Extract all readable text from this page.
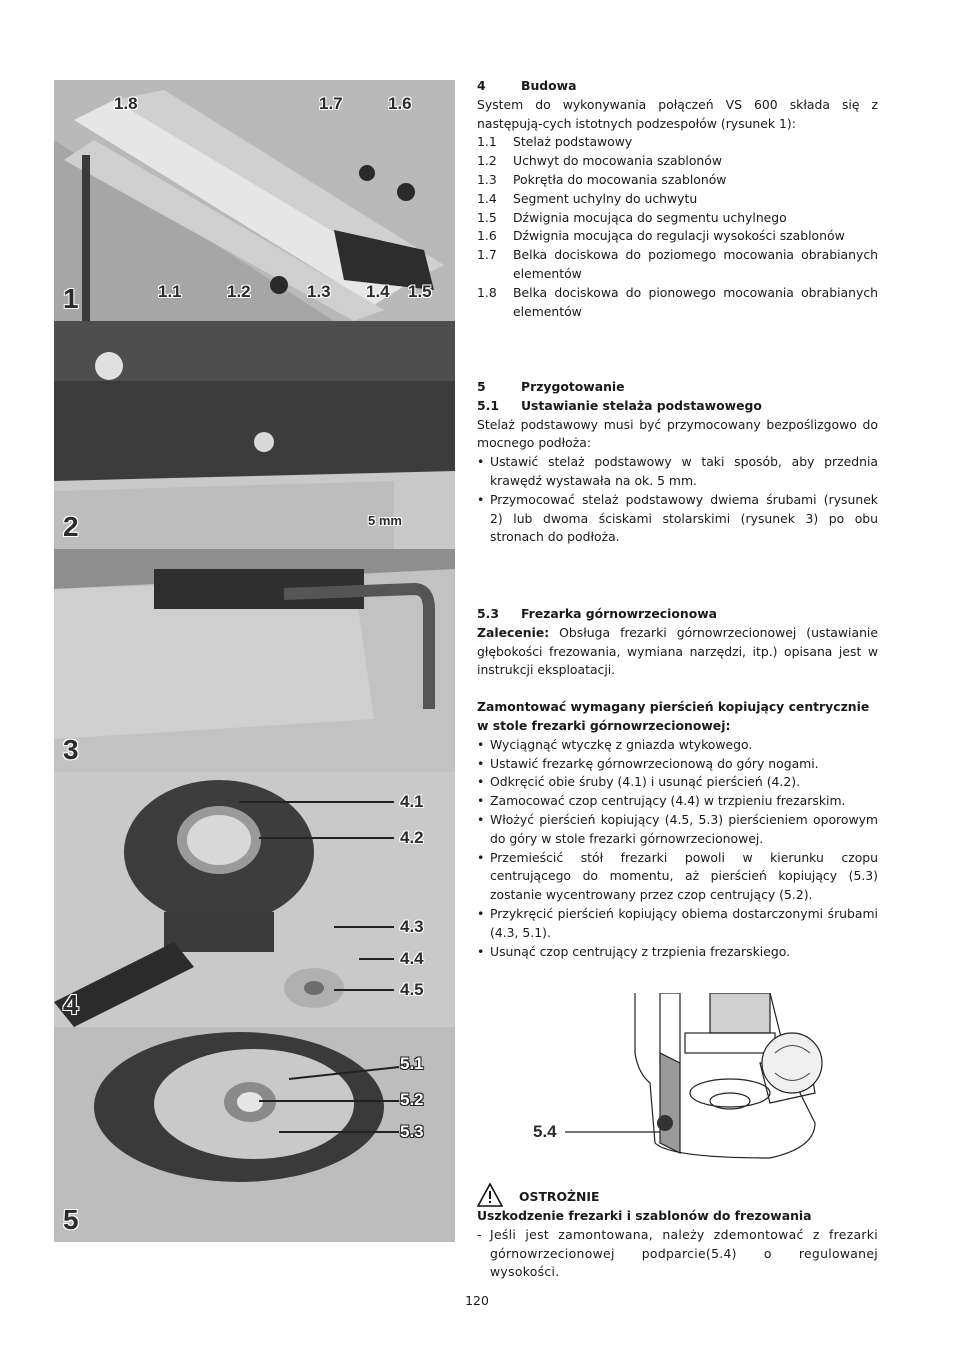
1
1.8	1.7	1.6
1.1	1.2	1.3 1.4 1.5
2	5 mm
3
4
4.1
4.2
4.3
4.4
4.5
5
5.1
5.2
5.3
4	Budowa

System do wykonywania połączeń VS 600 składa się z następują-cych istotnych podzespołów (rysunek 1):

1.1	Stelaż podstawowy
1.2	Uchwyt do mocowania szablonów
1.3	Pokrętła do mocowania szablonów
1.4	Segment uchylny do uchwytu
1.5	Dźwignia mocująca do segmentu uchylnego
1.6	Dźwignia mocująca do regulacji wysokości szablonów
1.7	Belka dociskowa do poziomego mocowania obrabianych elementów
1.8	Belka dociskowa do pionowego mocowania obrabianych elementów
5	Przygotowanie
5.1	Ustawianie stelaża podstawowego

Stelaż podstawowy musi być przymocowany bezpoślizgowo do mocnego podłoża:

• Ustawić stelaż podstawowy w taki sposób, aby przednia krawędź wystawała na ok. 5 mm.
• Przymocować stelaż podstawowy dwiema śrubami (rysunek 2) lub dwoma ściskami stolarskimi (rysunek 3) po obu stronach do podłoża.
5.3	Frezarka górnowrzecionowa

Zalecenie: Obsługa frezarki górnowrzecionowej (ustawianie głębokości frezowania, wymiana narzędzi, itp.) opisana jest w instrukcji eksploatacji.

Zamontować wymagany pierścień kopiujący centrycznie w stole frezarki górnowrzecionowej:

• Wyciągnąć wtyczkę z gniazda wtykowego.
• Ustawić frezarkę górnowrzecionową do góry nogami.
• Odkręcić obie śruby (4.1) i usunąć pierścień (4.2).
• Zamocować czop centrujący (4.4) w trzpieniu frezarskim.
• Włożyć pierścień kopiujący (4.5, 5.3) pierścieniem oporowym do góry w stole frezarki górnowrzecionowej.
• Przemieścić stół frezarki powoli w kierunku czopu centrującego do momentu, aż pierścień kopiujący (5.3) zostanie wycentrowany przez czop centrujący (5.2).
• Przykręcić pierścień kopiujący obiema dostarczonymi śrubami (4.3, 5.1).
• Usunąć czop centrujący z trzpienia frezarskiego.
5.4
OSTROŻNIE

Uszkodzenie frezarki i szablonów do frezowania

- Jeśli jest zamontowana, należy zdemontować z frezarki górnowrzecionowej podparcie(5.4) o regulowanej wysokości.
120
